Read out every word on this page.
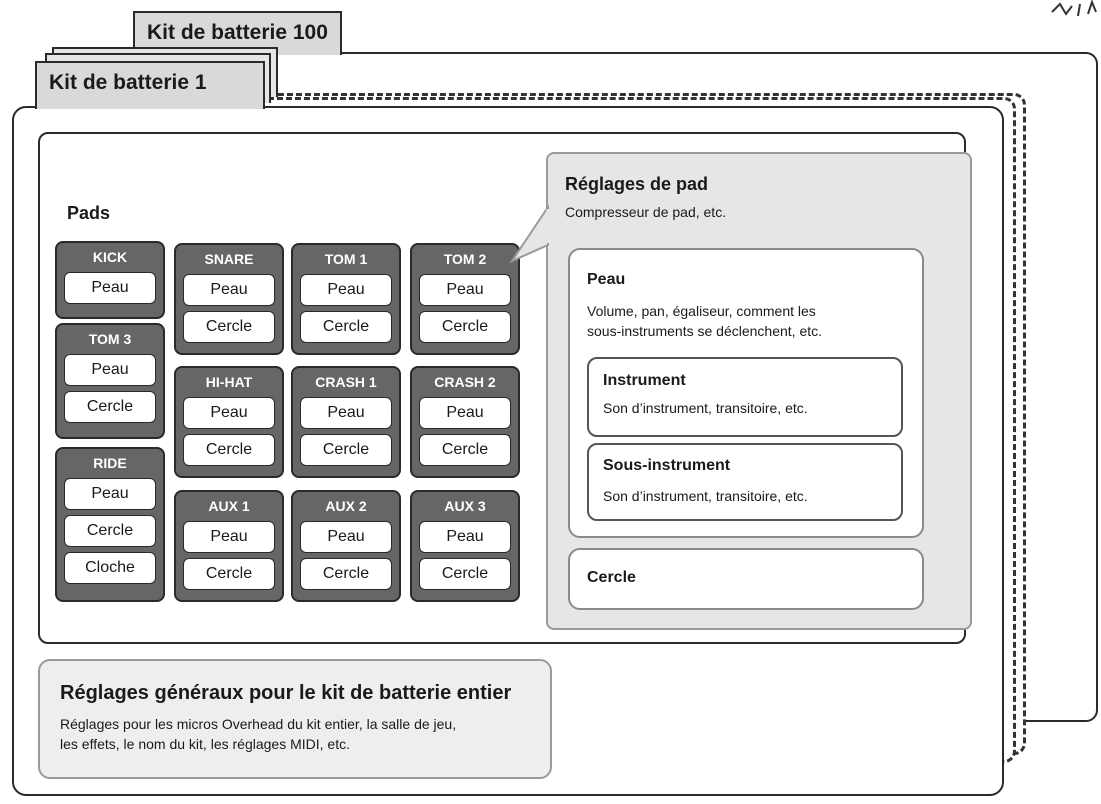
Kit de batterie 100
Kit de batterie 1
Pads
KICK
Peau
TOM 3
Peau
Cercle
RIDE
Peau
Cercle
Cloche
SNARE
Peau
Cercle
TOM 1
Peau
Cercle
TOM 2
Peau
Cercle
HI-HAT
Peau
Cercle
CRASH 1
Peau
Cercle
CRASH 2
Peau
Cercle
AUX 1
Peau
Cercle
AUX 2
Peau
Cercle
AUX 3
Peau
Cercle
Réglages de pad
Compresseur de pad, etc.
Peau
Volume, pan, égaliseur, comment les
sous-instruments se déclenchent, etc.
Instrument
Son d’instrument, transitoire, etc.
Sous-instrument
Son d’instrument, transitoire, etc.
Cercle
Réglages généraux pour le kit de batterie entier
Réglages pour les micros Overhead du kit entier, la salle de jeu,
les effets, le nom du kit, les réglages MIDI, etc.
